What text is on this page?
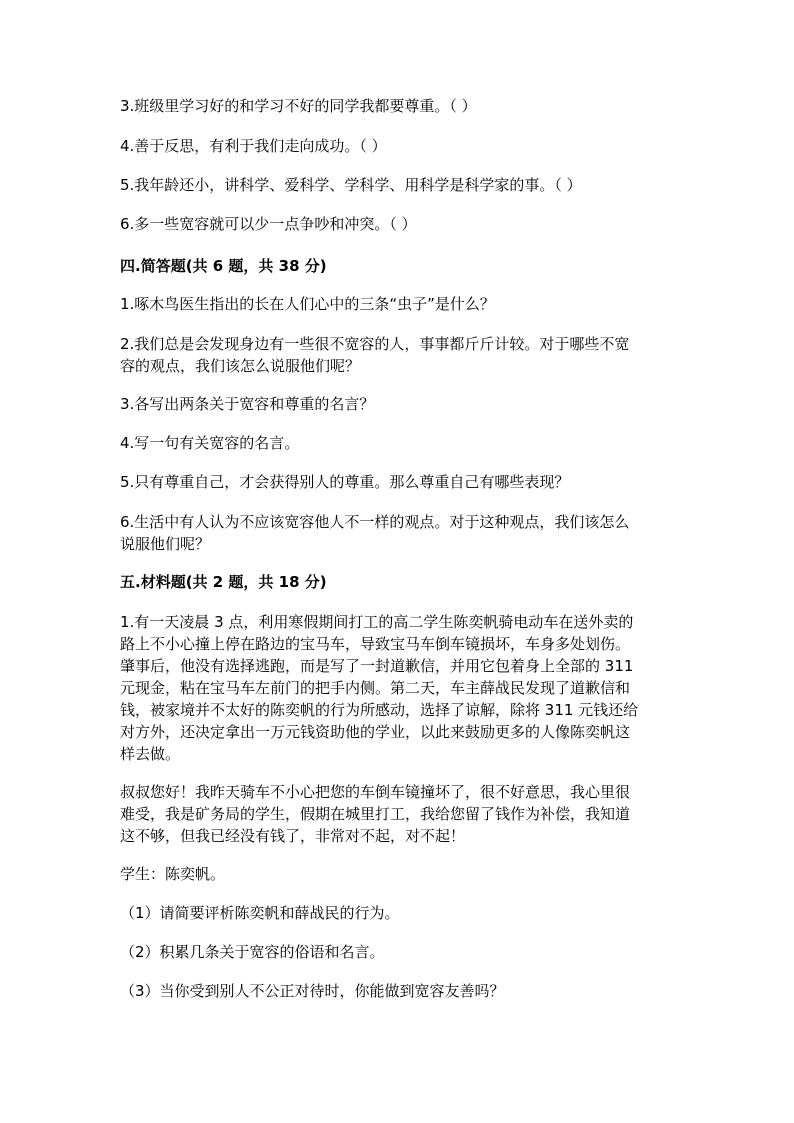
3.班级里学习好的和学习不好的同学我都要尊重。（ ）
4.善于反思，有利于我们走向成功。（ ）
5.我年龄还小，讲科学、爱科学、学科学、用科学是科学家的事。（ ）
6.多一些宽容就可以少一点争吵和冲突。（ ）
四.简答题(共 6 题，共 38 分)
1.啄木鸟医生指出的长在人们心中的三条“虫子”是什么？
2.我们总是会发现身边有一些很不宽容的人，事事都斤斤计较。对于哪些不宽
容的观点，我们该怎么说服他们呢？
3.各写出两条关于宽容和尊重的名言？
4.写一句有关宽容的名言。
5.只有尊重自己，才会获得别人的尊重。那么尊重自己有哪些表现？
6.生活中有人认为不应该宽容他人不一样的观点。对于这种观点，我们该怎么
说服他们呢？
五.材料题(共 2 题，共 18 分)
1.有一天凌晨 3 点，利用寒假期间打工的高二学生陈奕帆骑电动车在送外卖的
路上不小心撞上停在路边的宝马车，导致宝马车倒车镜损坏，车身多处划伤。
肇事后，他没有选择逃跑，而是写了一封道歉信，并用它包着身上全部的 311
元现金，粘在宝马车左前门的把手内侧。第二天，车主薛战民发现了道歉信和
钱，被家境并不太好的陈奕帆的行为所感动，选择了谅解，除将 311 元钱还给
对方外，还决定拿出一万元钱资助他的学业，以此来鼓励更多的人像陈奕帆这
样去做。
叔叔您好！我昨天骑车不小心把您的车倒车镜撞坏了，很不好意思，我心里很
难受，我是矿务局的学生，假期在城里打工，我给您留了钱作为补偿，我知道
这不够，但我已经没有钱了，非常对不起，对不起！
学生：陈奕帆。
（1）请简要评析陈奕帆和薛战民的行为。
（2）积累几条关于宽容的俗语和名言。
（3）当你受到别人不公正对待时，你能做到宽容友善吗？
